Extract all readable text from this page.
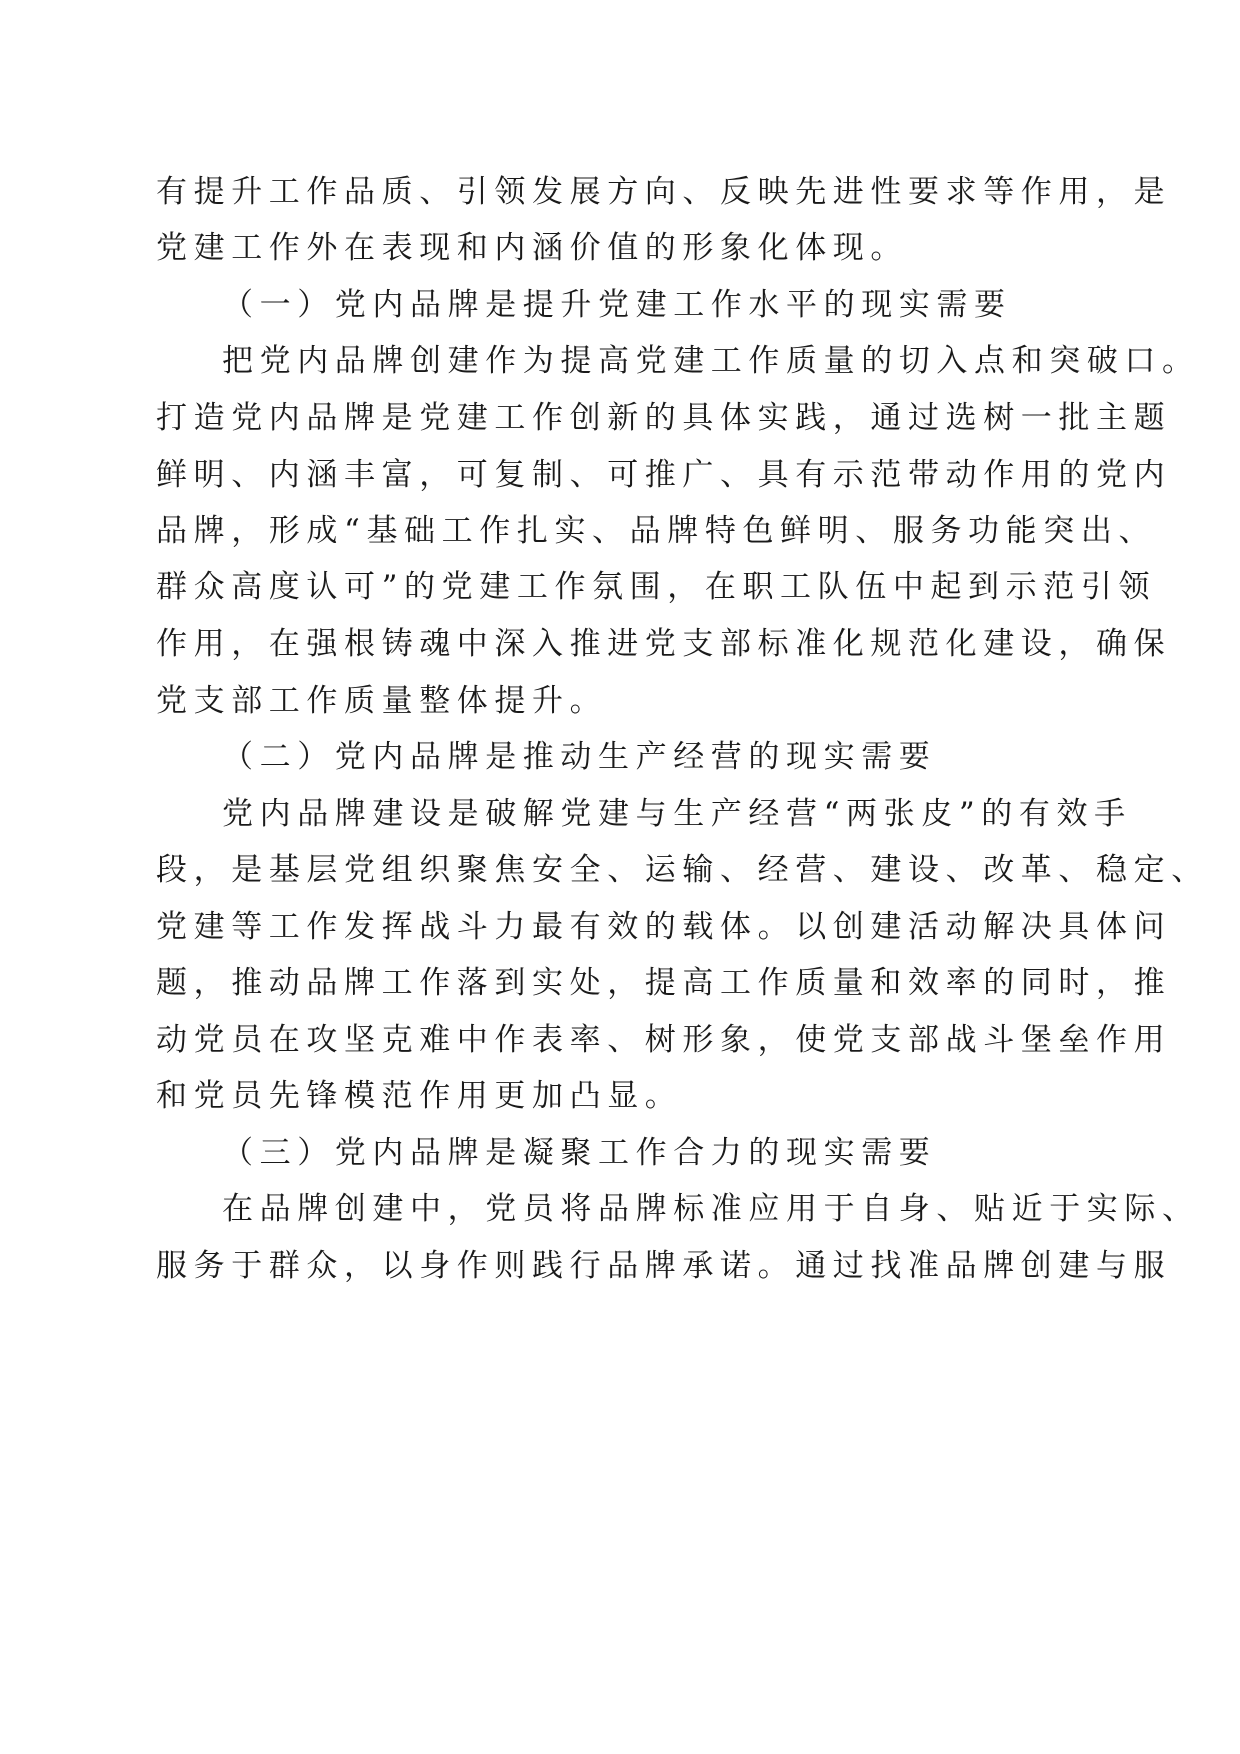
有提升工作品质、引领发展方向、反映先进性要求等作用，是
党建工作外在表现和内涵价值的形象化体现。
（一）党内品牌是提升党建工作水平的现实需要
把党内品牌创建作为提高党建工作质量的切入点和突破口。
打造党内品牌是党建工作创新的具体实践，通过选树一批主题
鲜明、内涵丰富，可复制、可推广、具有示范带动作用的党内
品牌，形成“基础工作扎实、品牌特色鲜明、服务功能突出、
群众高度认可”的党建工作氛围，在职工队伍中起到示范引领
作用，在强根铸魂中深入推进党支部标准化规范化建设，确保
党支部工作质量整体提升。
（二）党内品牌是推动生产经营的现实需要
党内品牌建设是破解党建与生产经营“两张皮”的有效手
段，是基层党组织聚焦安全、运输、经营、建设、改革、稳定、
党建等工作发挥战斗力最有效的载体。以创建活动解决具体问
题，推动品牌工作落到实处，提高工作质量和效率的同时，推
动党员在攻坚克难中作表率、树形象，使党支部战斗堡垒作用
和党员先锋模范作用更加凸显。
（三）党内品牌是凝聚工作合力的现实需要
在品牌创建中，党员将品牌标准应用于自身、贴近于实际、
服务于群众，以身作则践行品牌承诺。通过找准品牌创建与服
